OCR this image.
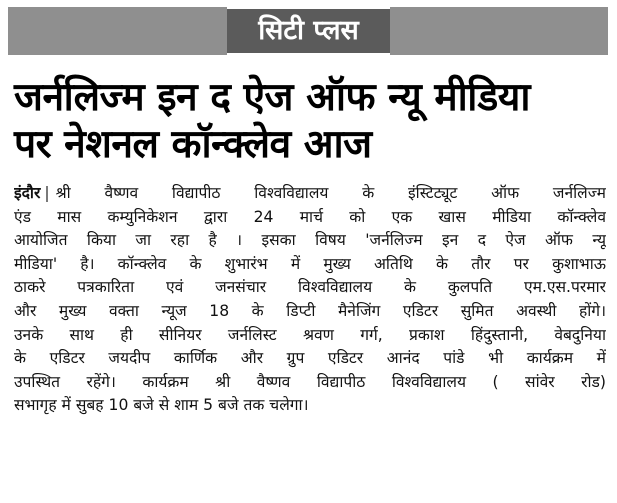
सिटी प्लस
जर्नलिज्म इन द ऐज ऑफ न्यू मीडिया
पर नेशनल कॉन्क्लेव आज
इंदौर | श्री वैष्णव विद्यापीठ विश्वविद्यालय के इंस्टिट्यूट ऑफ जर्नलिज्म
एंड मास कम्युनिकेशन द्वारा 24 मार्च को एक खास मीडिया कॉन्क्लेव
आयोजित किया जा रहा है । इसका विषय 'जर्नलिज्म इन द ऐज ऑफ न्यू
मीडिया' है। कॉन्क्लेव के शुभारंभ में मुख्य अतिथि के तौर पर कुशाभाऊ
ठाकरे पत्रकारिता एवं जनसंचार विश्वविद्यालय के कुलपति एम.एस.परमार
और मुख्य वक्ता न्यूज 18 के डिप्टी मैनेजिंग एडिटर सुमित अवस्थी होंगे।
उनके साथ ही सीनियर जर्नलिस्ट श्रवण गर्ग, प्रकाश हिंदुस्तानी, वेबदुनिया
के एडिटर जयदीप कार्णिक और ग्रुप एडिटर आनंद पांडे भी कार्यक्रम में
उपस्थित रहेंगे। कार्यक्रम श्री वैष्णव विद्यापीठ विश्वविद्यालय ( सांवेर रोड)
सभागृह में सुबह 10 बजे से शाम 5 बजे तक चलेगा।
